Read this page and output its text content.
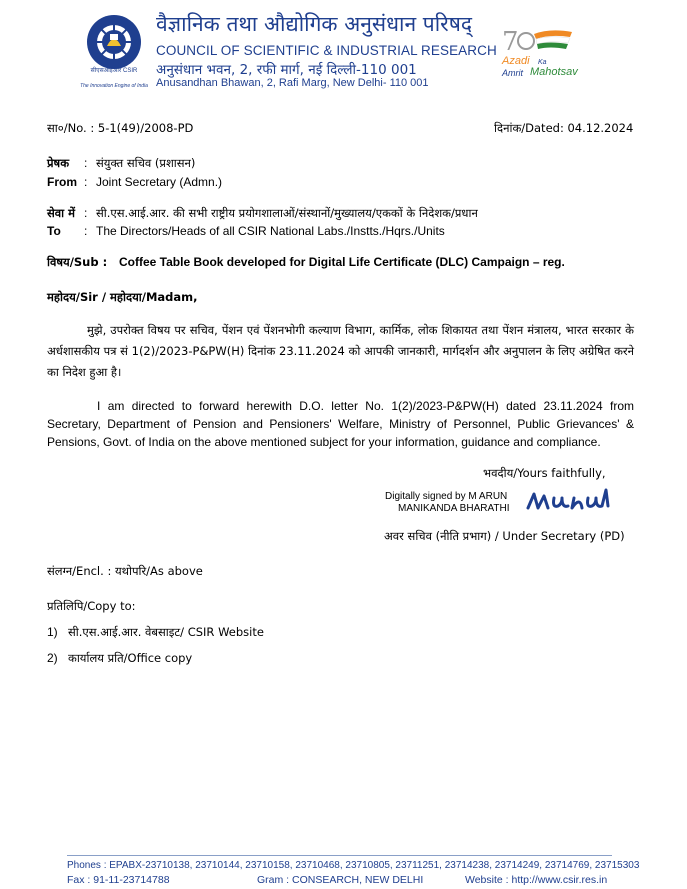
सीएसआईआर CSIR
The Innovation Engine of India
वैज्ञानिक तथा औद्योगिक अनुसंधान परिषद्
COUNCIL OF SCIENTIFIC & INDUSTRIAL RESEARCH
अनुसंधान भवन, 2, रफी मार्ग, नई दिल्ली-110 001
Anusandhan Bhawan, 2, Rafi Marg, New Delhi- 110 001
7
Azadi Ka
Amrit Mahotsav
सा०/No. : 5-1(49)/2008-PD	दिनांक/Dated: 04.12.2024
प्रेषक : संयुक्त सचिव (प्रशासन)
From : Joint Secretary (Admn.)
सेवा में : सी.एस.आई.आर. की सभी राष्ट्रीय प्रयोगशालाओं/संस्थानों/मुख्यालय/एककों के निदेशक/प्रधान
To : The Directors/Heads of all CSIR National Labs./Instts./Hqrs./Units
विषय/Sub : Coffee Table Book developed for Digital Life Certificate (DLC) Campaign – reg.
महोदय/Sir / महोदया/Madam,
मुझे, उपरोक्त विषय पर सचिव, पेंशन एवं पेंशनभोगी कल्याण विभाग, कार्मिक, लोक शिकायत तथा पेंशन मंत्रालय, भारत सरकार के अर्धशासकीय पत्र सं 1(2)/2023-P&PW(H) दिनांक 23.11.2024 को आपकी जानकारी, मार्गदर्शन और अनुपालन के लिए अग्रेषित करने का निदेश हुआ है।
I am directed to forward herewith D.O. letter No. 1(2)/2023-P&PW(H) dated 23.11.2024 from Secretary, Department of Pension and Pensioners' Welfare, Ministry of Personnel, Public Grievances' & Pensions, Govt. of India on the above mentioned subject for your information, guidance and compliance.
भवदीय/Yours faithfully,
Digitally signed by M ARUN
MANIKANDA BHARATHI
अवर सचिव (नीति प्रभाग) / Under Secretary (PD)
संलग्न/Encl. : यथोपरि/As above
प्रतिलिपि/Copy to:
1) सी.एस.आई.आर. वेबसाइट/ CSIR Website
2) कार्यालय प्रति/Office copy
Phones : EPABX-23710138, 23710144, 23710158, 23710468, 23710805, 23711251, 23714238, 23714249, 23714769, 23715303
Fax : 91-11-23714788	Gram : CONSEARCH, NEW DELHI	Website : http://www.csir.res.in
